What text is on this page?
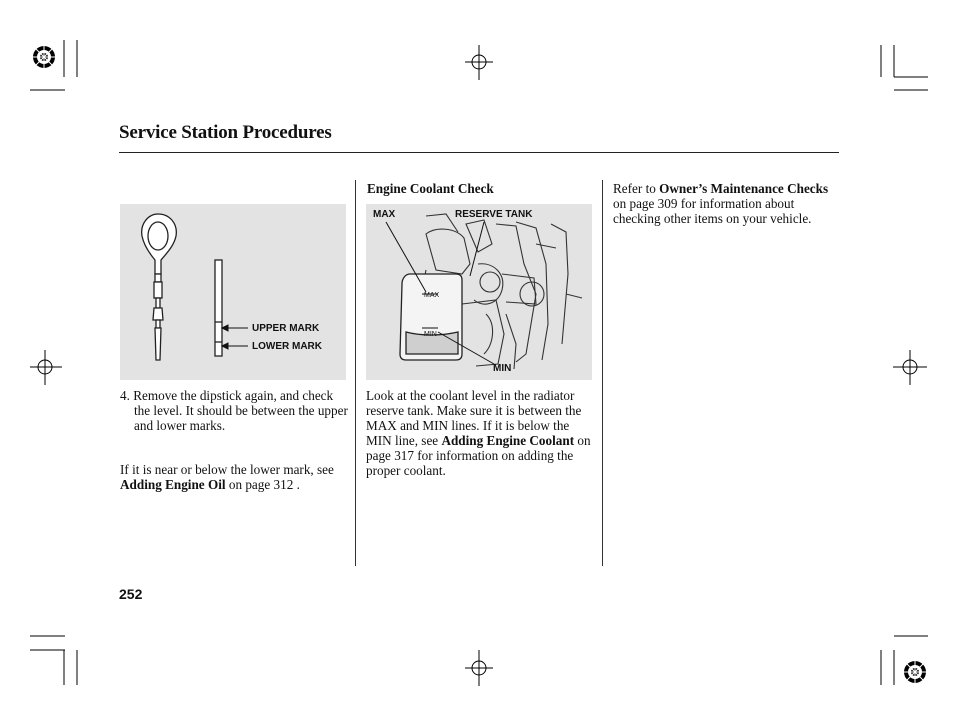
Service Station Procedures
UPPER MARK
LOWER MARK

4. Remove the dipstick again, and check the level. It should be between the upper and lower marks.

If it is near or below the lower mark, see Adding Engine Oil on page 312 .

Engine Coolant Check
MAX
MIN
MAX	RESERVE TANK
MIN

Look at the coolant level in the radiator reserve tank. Make sure it is between the MAX and MIN lines. If it is below the MIN line, see Adding Engine Coolant on page 317 for information on adding the proper coolant.

Refer to Owner’s Maintenance Checks on page 309 for information about checking other items on your vehicle.

252
